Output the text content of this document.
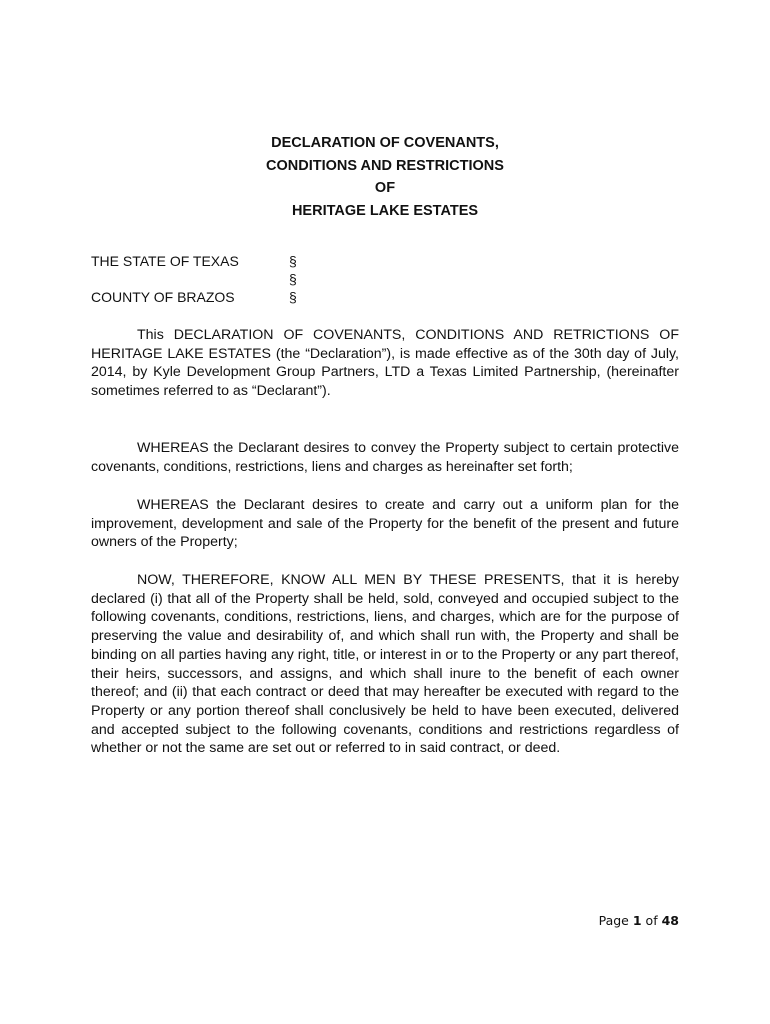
DECLARATION OF COVENANTS,
CONDITIONS AND RESTRICTIONS
OF
HERITAGE LAKE ESTATES
THE STATE OF TEXAS
COUNTY OF BRAZOS
§
§
§

This DECLARATION OF COVENANTS, CONDITIONS AND RETRICTIONS OF HERITAGE LAKE ESTATES (the “Declaration”), is made effective as of the 30th day of July, 2014, by Kyle Development Group Partners, LTD a Texas Limited Partnership, (hereinafter sometimes referred to as “Declarant”).

WHEREAS the Declarant desires to convey the Property subject to certain protective covenants, conditions, restrictions, liens and charges as hereinafter set forth;

WHEREAS the Declarant desires to create and carry out a uniform plan for the improvement, development and sale of the Property for the benefit of the present and future owners of the Property;

NOW, THEREFORE, KNOW ALL MEN BY THESE PRESENTS, that it is hereby declared (i) that all of the Property shall be held, sold, conveyed and occupied subject to the following covenants, conditions, restrictions, liens, and charges, which are for the purpose of preserving the value and desirability of, and which shall run with, the Property and shall be binding on all parties having any right, title, or interest in or to the Property or any part thereof, their heirs, successors, and assigns, and which shall inure to the benefit of each owner thereof; and (ii) that each contract or deed that may hereafter be executed with regard to the Property or any portion thereof shall conclusively be held to have been executed, delivered and accepted subject to the following covenants, conditions and restrictions regardless of whether or not the same are set out or referred to in said contract, or deed.

Page 1 of 48
